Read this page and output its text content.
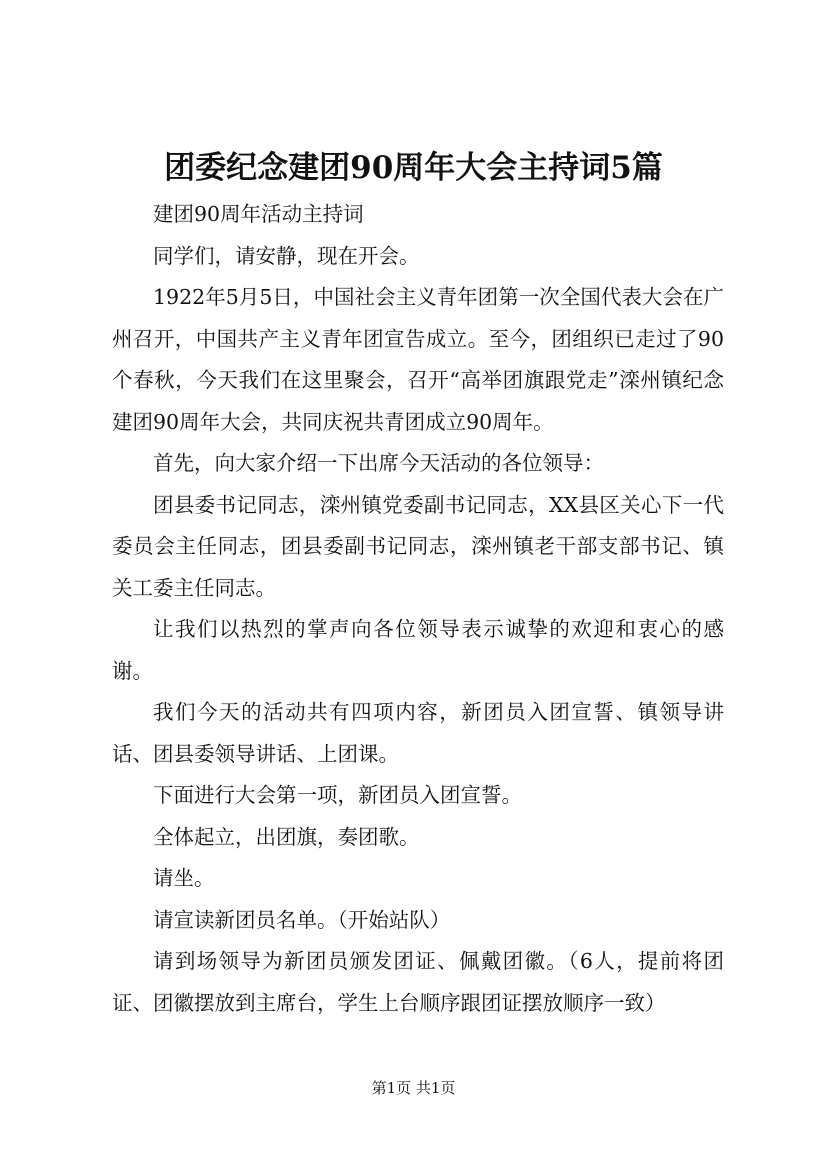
团委纪念建团90周年大会主持词5篇

建团90周年活动主持词

同学们，请安静，现在开会。

1922年5月5日，中国社会主义青年团第一次全国代表大会在广州召开，中国共产主义青年团宣告成立。至今，团组织已走过了90个春秋，今天我们在这里聚会，召开“高举团旗跟党走”滦州镇纪念建团90周年大会，共同庆祝共青团成立90周年。

首先，向大家介绍一下出席今天活动的各位领导：

团县委书记同志，滦州镇党委副书记同志，XX县区关心下一代委员会主任同志，团县委副书记同志，滦州镇老干部支部书记、镇关工委主任同志。

让我们以热烈的掌声向各位领导表示诚挚的欢迎和衷心的感谢。

我们今天的活动共有四项内容，新团员入团宣誓、镇领导讲话、团县委领导讲话、上团课。

下面进行大会第一项，新团员入团宣誓。

全体起立，出团旗，奏团歌。

请坐。

请宣读新团员名单。（开始站队）

请到场领导为新团员颁发团证、佩戴团徽。（6人，提前将团证、团徽摆放到主席台，学生上台顺序跟团证摆放顺序一致）

第1页 共1页
